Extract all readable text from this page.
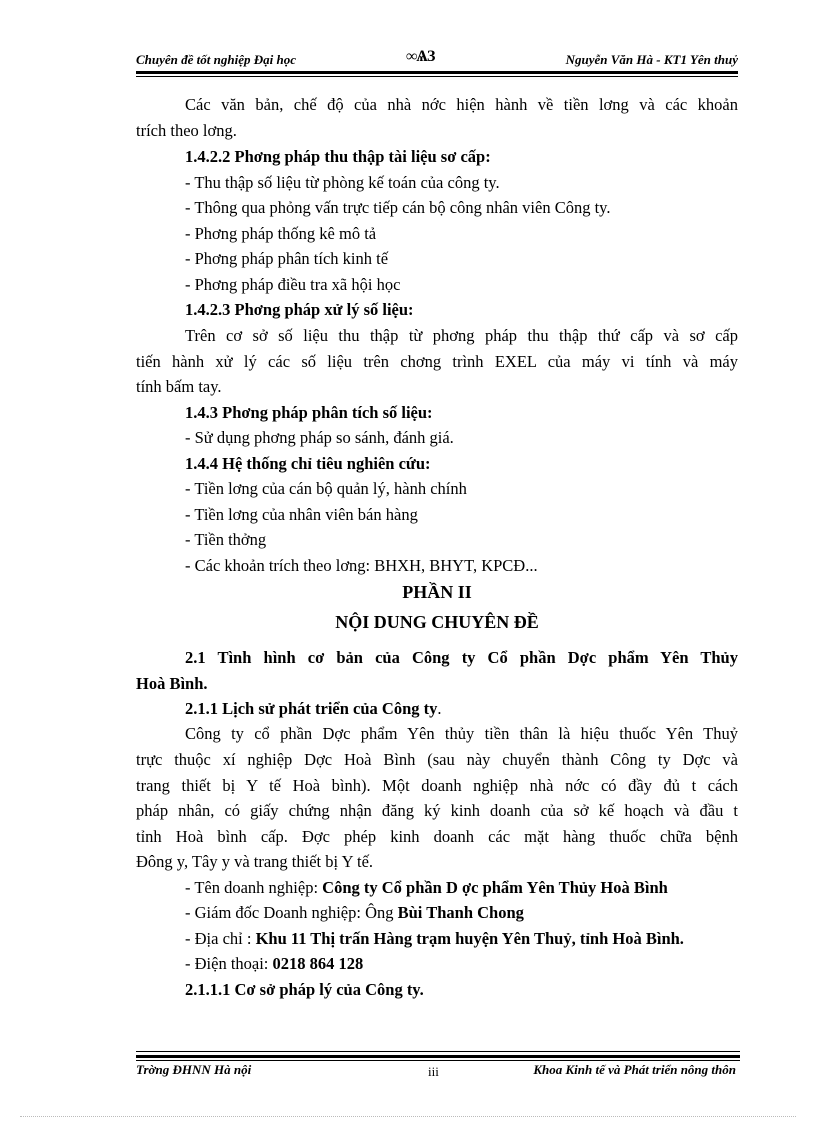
Chuyên đề tốt nghiệp Đại học	∞ѦЗ	Nguyễn Văn Hà - KT1 Yên thuỷ
Các văn bản, chế độ của nhà nớc hiện hành về tiền lơng và các khoản
trích theo lơng.
1.4.2.2 Phơng pháp thu thập tài liệu sơ cấp:
- Thu thập số liệu từ phòng kế toán của công ty.
- Thông qua phỏng vấn trực tiếp cán bộ công nhân viên Công ty.
- Phơng pháp thống kê mô tả
- Phơng pháp phân tích kinh tế
- Phơng pháp điều tra xã hội học
1.4.2.3 Phơng pháp xử lý số liệu:
Trên cơ sở số liệu thu thập từ phơng pháp thu thập thứ cấp và sơ cấp
tiến hành xử lý các số liệu trên chơng trình EXEL của máy vi tính và máy
tính bấm tay.
1.4.3 Phơng pháp phân tích số liệu:
- Sử dụng phơng pháp so sánh, đánh giá.
1.4.4 Hệ thống chỉ tiêu nghiên cứu:
- Tiền lơng của cán bộ quản lý, hành chính
- Tiền lơng của nhân viên bán hàng
- Tiền thởng
- Các khoản trích theo lơng: BHXH, BHYT, KPCĐ...
PHẦN II
NỘI DUNG CHUYÊN ĐỀ
2.1 Tình hình cơ bản của Công ty Cổ phần Dợc phẩm Yên Thủy
Hoà Bình.
2.1.1 Lịch sử phát triển của Công ty.
Công ty cổ phần Dợc phẩm Yên thủy tiền thân là hiệu thuốc Yên Thuỷ
trực thuộc xí nghiệp Dợc Hoà Bình (sau này chuyển thành Công ty Dợc và
trang thiết bị Y tế Hoà bình). Một doanh nghiệp nhà nớc có đầy đủ t cách
pháp nhân, có giấy chứng nhận đăng ký kinh doanh của sở kế hoạch và đầu t
tỉnh Hoà bình cấp. Đợc phép kinh doanh các mặt hàng thuốc chữa bệnh
Đông y, Tây y và trang thiết bị Y tế.
- Tên doanh nghiệp: Công ty Cổ phần D ợc phẩm Yên Thủy Hoà Bình
- Giám đốc Doanh nghiệp: Ông Bùi Thanh Chong
- Địa chỉ : Khu 11 Thị trấn Hàng trạm huyện Yên Thuỷ, tỉnh Hoà Bình.
- Điện thoại: 0218 864 128
2.1.1.1 Cơ sở pháp lý của Công ty.
Trờng ĐHNN Hà nội	iii	Khoa Kinh tế và Phát triển nông thôn
